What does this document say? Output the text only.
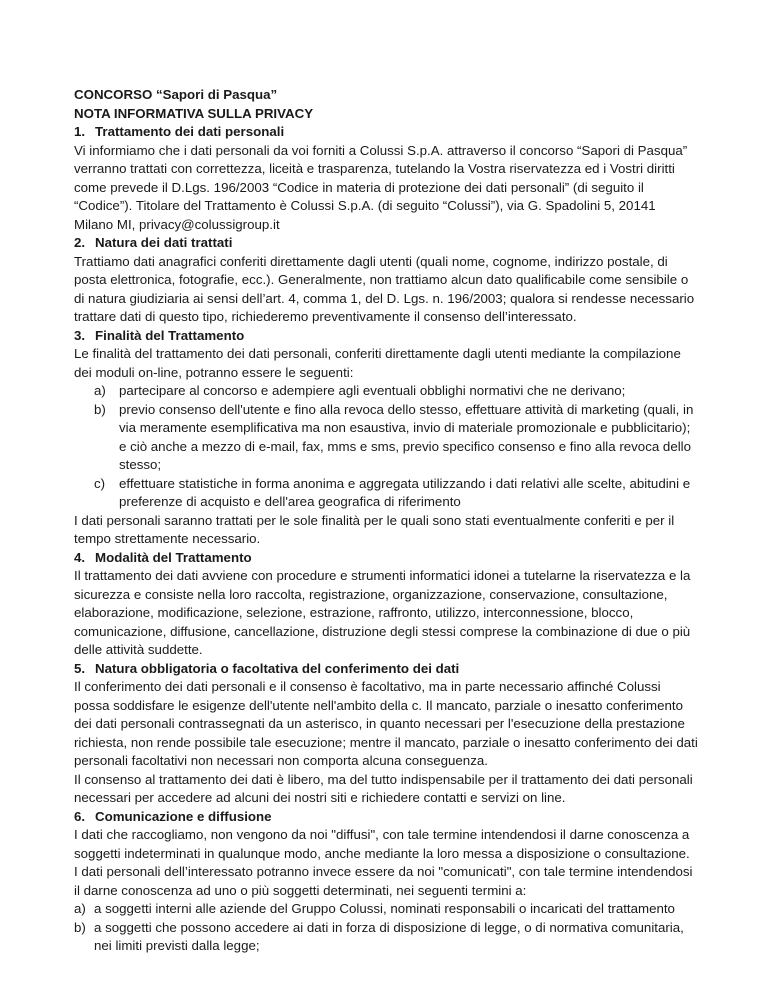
CONCORSO “Sapori di Pasqua”
NOTA INFORMATIVA SULLA PRIVACY
1. Trattamento dei dati personali

Vi informiamo che i dati personali da voi forniti a Colussi S.p.A. attraverso il concorso “Sapori di Pasqua” verranno trattati con correttezza, liceità e trasparenza, tutelando la Vostra riservatezza ed i Vostri diritti come prevede il D.Lgs. 196/2003 “Codice in materia di protezione dei dati personali” (di seguito il “Codice”). Titolare del Trattamento è Colussi S.p.A. (di seguito “Colussi”), via G. Spadolini 5, 20141 Milano MI, privacy@colussigroup.it

2. Natura dei dati trattati

Trattiamo dati anagrafici conferiti direttamente dagli utenti (quali nome, cognome, indirizzo postale, di posta elettronica, fotografie, ecc.). Generalmente, non trattiamo alcun dato qualificabile come sensibile o di natura giudiziaria ai sensi dell’art. 4, comma 1, del D. Lgs. n. 196/2003; qualora si rendesse necessario trattare dati di questo tipo, richiederemo preventivamente il consenso dell’interessato.

3. Finalità del Trattamento

Le finalità del trattamento dei dati personali, conferiti direttamente dagli utenti mediante la compilazione dei moduli on-line, potranno essere le seguenti:

a) partecipare al concorso e adempiere agli eventuali obblighi normativi che ne derivano;
b) previo consenso dell'utente e fino alla revoca dello stesso, effettuare attività di marketing (quali, in via meramente esemplificativa ma non esaustiva, invio di materiale promozionale e pubblicitario); e ciò anche a mezzo di e-mail, fax, mms e sms, previo specifico consenso e fino alla revoca dello stesso;
c)	effettuare statistiche in forma anonima e aggregata utilizzando i dati relativi alle scelte, abitudini e preferenze di acquisto e dell'area geografica di riferimento

I dati personali saranno trattati per le sole finalità per le quali sono stati eventualmente conferiti e per il tempo strettamente necessario.

4. Modalità del Trattamento

Il trattamento dei dati avviene con procedure e strumenti informatici idonei a tutelarne la riservatezza e la sicurezza e consiste nella loro raccolta, registrazione, organizzazione, conservazione, consultazione, elaborazione, modificazione, selezione, estrazione, raffronto, utilizzo, interconnessione, blocco, comunicazione, diffusione, cancellazione, distruzione degli stessi comprese la combinazione di due o più delle attività suddette.

5. Natura obbligatoria o facoltativa del conferimento dei dati

Il conferimento dei dati personali e il consenso è facoltativo, ma in parte necessario affinché Colussi possa soddisfare le esigenze dell'utente nell'ambito della c. Il mancato, parziale o inesatto conferimento dei dati personali contrassegnati da un asterisco, in quanto necessari per l'esecuzione della prestazione richiesta, non rende possibile tale esecuzione; mentre il mancato, parziale o inesatto conferimento dei dati personali facoltativi non necessari non comporta alcuna conseguenza.

Il consenso al trattamento dei dati è libero, ma del tutto indispensabile per il trattamento dei dati personali necessari per accedere ad alcuni dei nostri siti e richiedere contatti e servizi on line.

6. Comunicazione e diffusione

I dati che raccogliamo, non vengono da noi "diffusi", con tale termine intendendosi il darne conoscenza a soggetti indeterminati in qualunque modo, anche mediante la loro messa a disposizione o consultazione.

I dati personali dell’interessato potranno invece essere da noi "comunicati", con tale termine intendendosi il darne conoscenza ad uno o più soggetti determinati, nei seguenti termini a:

a) a soggetti interni alle aziende del Gruppo Colussi, nominati responsabili o incaricati del trattamento
b) a soggetti che possono accedere ai dati in forza di disposizione di legge, o di normativa comunitaria, nei limiti previsti dalla legge;
